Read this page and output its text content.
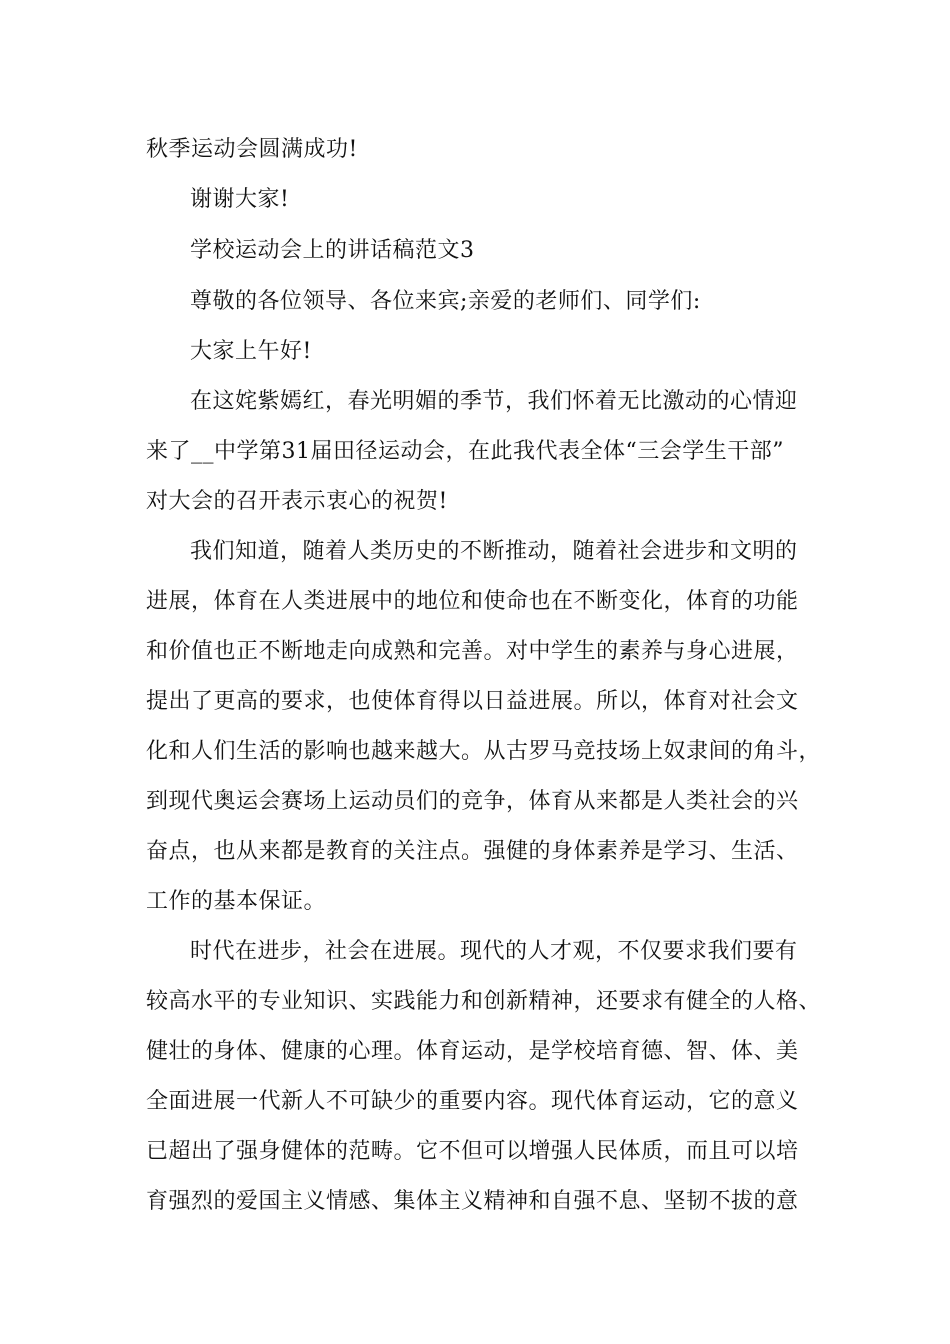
秋季运动会圆满成功!
谢谢大家!
学校运动会上的讲话稿范文3
尊敬的各位领导、各位来宾;亲爱的老师们、同学们:
大家上午好!
在这姹紫嫣红，春光明媚的季节，我们怀着无比激动的心情迎
来了__中学第31届田径运动会，在此我代表全体“三会学生干部”
对大会的召开表示衷心的祝贺!
我们知道，随着人类历史的不断推动，随着社会进步和文明的
进展，体育在人类进展中的地位和使命也在不断变化，体育的功能
和价值也正不断地走向成熟和完善。对中学生的素养与身心进展，
提出了更高的要求，也使体育得以日益进展。所以，体育对社会文
化和人们生活的影响也越来越大。从古罗马竞技场上奴隶间的角斗，
到现代奥运会赛场上运动员们的竞争，体育从来都是人类社会的兴
奋点，也从来都是教育的关注点。强健的身体素养是学习、生活、
工作的基本保证。
时代在进步，社会在进展。现代的人才观，不仅要求我们要有
较高水平的专业知识、实践能力和创新精神，还要求有健全的人格、
健壮的身体、健康的心理。体育运动，是学校培育德、智、体、美
全面进展一代新人不可缺少的重要内容。现代体育运动，它的意义
已超出了强身健体的范畴。它不但可以增强人民体质，而且可以培
育强烈的爱国主义情感、集体主义精神和自强不息、坚韧不拔的意
